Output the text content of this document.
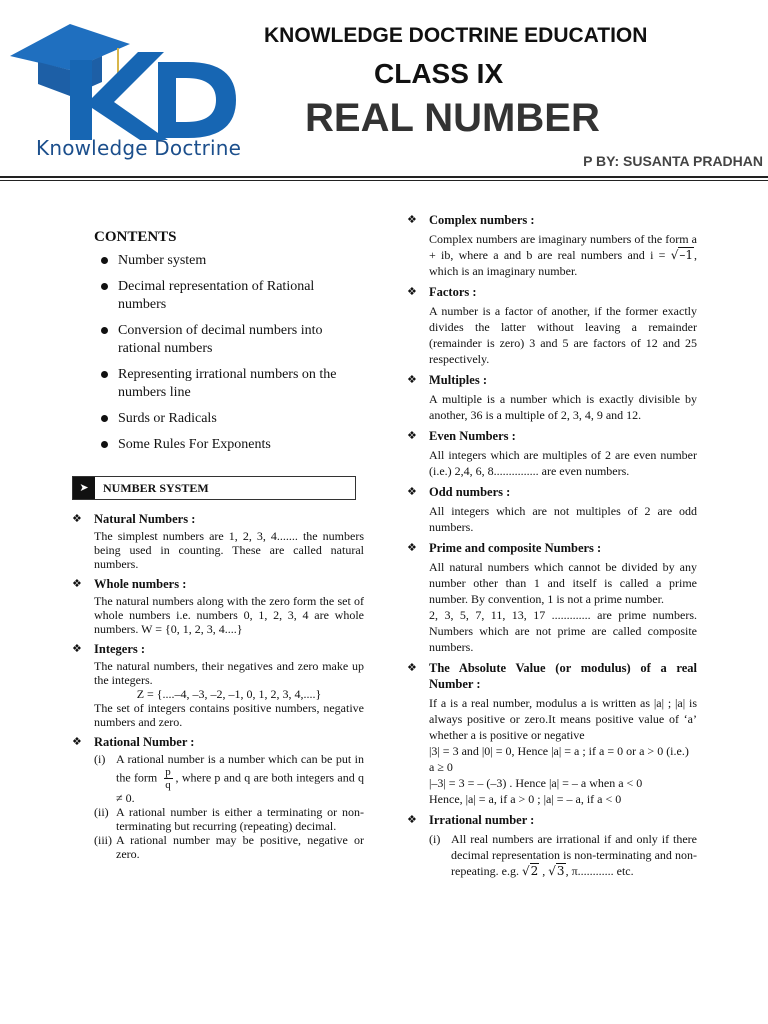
Knowledge Doctrine
KNOWLEDGE DOCTRINE EDUCATION
CLASS IX
REAL NUMBER
P BY: SUSANTA PRADHAN
CONTENTS
Number system
Decimal representation of Rational numbers
Conversion of decimal numbers into rational numbers
Representing irrational numbers on the numbers line
Surds or Radicals
Some Rules For Exponents
➤	NUMBER SYSTEM
❖ Natural Numbers :

The simplest numbers are 1, 2, 3, 4....... the numbers being used in counting. These are called natural numbers.

❖ Whole numbers :

The natural numbers along with the zero form the set of whole numbers i.e. numbers 0, 1, 2, 3, 4 are whole numbers. W = {0, 1, 2, 3, 4....}

❖ Integers :

The natural numbers, their negatives and zero make up the integers.

Z = {....–4, –3, –2, –1, 0, 1, 2, 3, 4,....}

The set of integers contains positive numbers, negative numbers and zero.

❖ Rational Number :
(i) A rational number is a number which can be put in the form $\frac{p}{q}$ , where p and q are both integers and q ≠ 0.
(ii) A rational number is either a terminating or non-terminating but recurring (repeating) decimal.
(iii) A rational number may be positive, negative or zero.
❖ Complex numbers :
Complex numbers are imaginary numbers of the form a + ib, where a and b are real numbers and i = √–1, which is an imaginary number.
❖ Factors :

A number is a factor of another, if the former exactly divides the latter without leaving a remainder (remainder is zero) 3 and 5 are factors of 12 and 25 respectively.

❖ Multiples :

A multiple is a number which is exactly divisible by another, 36 is a multiple of 2, 3, 4, 9 and 12.

❖ Even Numbers :

All integers which are multiples of 2 are even number (i.e.) 2,4, 6, 8............... are even numbers.

❖ Odd numbers :

All integers which are not multiples of 2 are odd numbers.

❖ Prime and composite Numbers :

All natural numbers which cannot be divided by any number other than 1 and itself is called a prime number. By convention, 1 is not a prime number.

2, 3, 5, 7, 11, 13, 17 ............. are prime numbers. Numbers which are not prime are called composite numbers.

❖ The Absolute Value (or modulus) of a real Number :

If a is a real number, modulus a is written as |a| ; |a| is always positive or zero.It means positive value of ‘a’ whether a is positive or negative

|3| = 3 and |0| = 0, Hence |a| = a ; if a = 0 or a > 0 (i.e.) a ≥ 0

|–3| = 3 = – (–3) . Hence |a| = – a when a < 0

Hence, |a| = a, if a > 0 ; |a| = – a, if a < 0

❖ Irrational number :
(i) All real numbers are irrational if and only if there decimal representation is non-terminating and non-repeating. e.g. √2 , √3, π............ etc.
